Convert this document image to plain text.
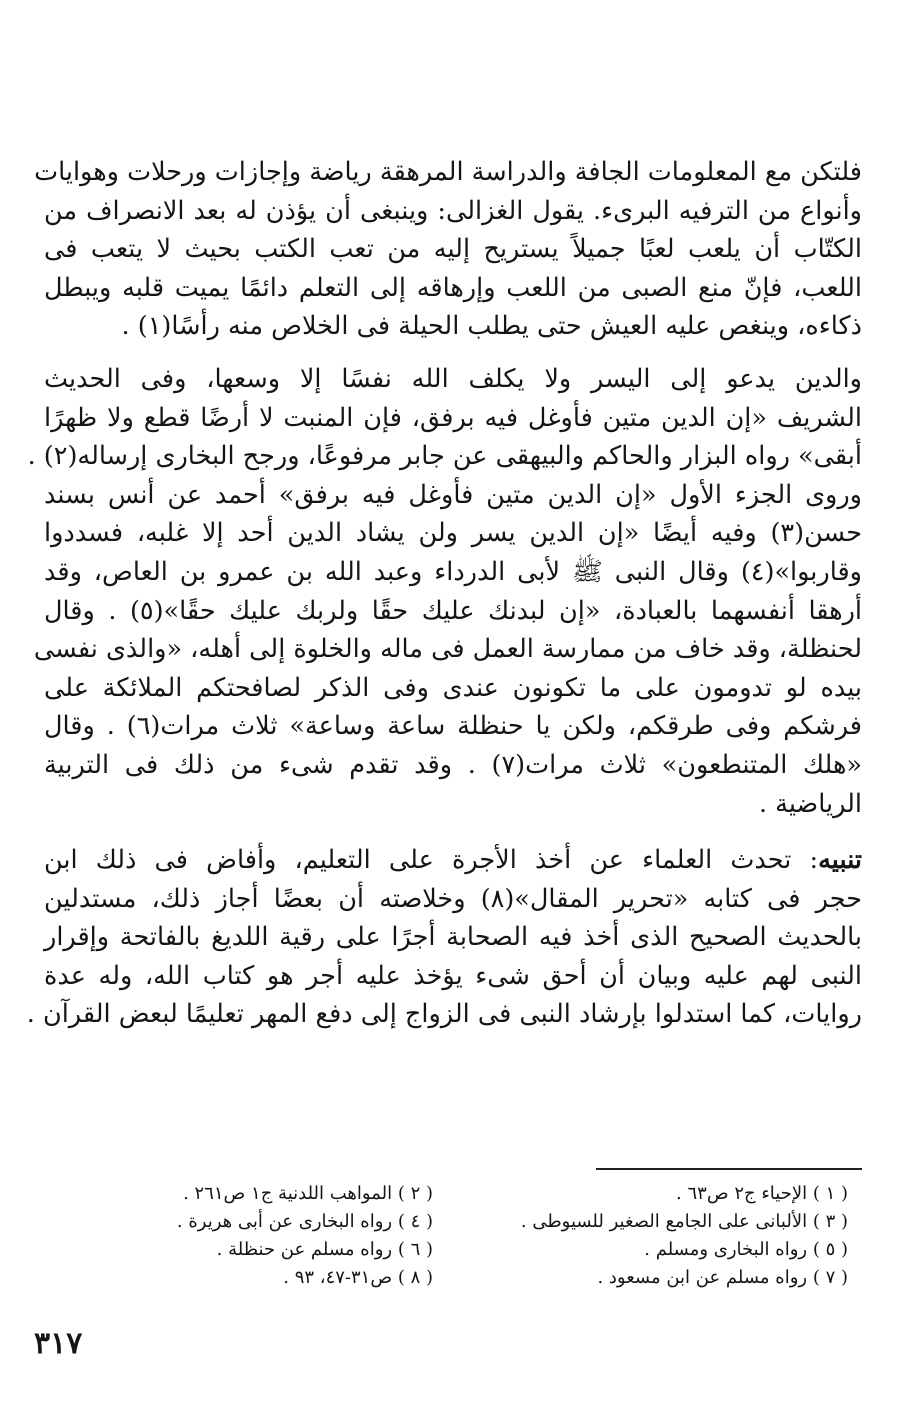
فلتكن مع المعلومات الجافة والدراسة المرهقة رياضة وإجازات ورحلات وهوايات
وأنواع من الترفيه البرىء. يقول الغزالى: وينبغى أن يؤذن له بعد الانصراف من
الكتّاب أن يلعب لعبًا جميلاً يستريح إليه من تعب الكتب بحيث لا يتعب فى
اللعب، فإنّ منع الصبى من اللعب وإرهاقه إلى التعلم دائمًا يميت قلبه ويبطل
ذكاءه، وينغص عليه العيش حتى يطلب الحيلة فى الخلاص منه رأسًا(١) .

والدين يدعو إلى اليسر ولا يكلف الله نفسًا إلا وسعها، وفى الحديث
الشريف «إن الدين متين فأوغل فيه برفق، فإن المنبت لا أرضًا قطع ولا ظهرًا
أبقى» رواه البزار والحاكم والبيهقى عن جابر مرفوعًا، ورجح البخارى إرساله(٢) .
وروى الجزء الأول «إن الدين متين فأوغل فيه برفق» أحمد عن أنس بسند
حسن(٣) وفيه أيضًا «إن الدين يسر ولن يشاد الدين أحد إلا غلبه، فسددوا
وقاربوا»(٤) وقال النبى ﷺ لأبى الدرداء وعبد الله بن عمرو بن العاص، وقد
أرهقا أنفسهما بالعبادة، «إن لبدنك عليك حقًا ولربك عليك حقًا»(٥) . وقال
لحنظلة، وقد خاف من ممارسة العمل فى ماله والخلوة إلى أهله، «والذى نفسى
بيده لو تدومون على ما تكونون عندى وفى الذكر لصافحتكم الملائكة على
فرشكم وفى طرقكم، ولكن يا حنظلة ساعة وساعة» ثلاث مرات(٦) . وقال
«هلك المتنطعون» ثلاث مرات(٧) . وقد تقدم شىء من ذلك فى التربية
الرياضية .

تنبيه: تحدث العلماء عن أخذ الأجرة على التعليم، وأفاض فى ذلك ابن
حجر فى كتابه «تحرير المقال»(٨) وخلاصته أن بعضًا أجاز ذلك، مستدلين
بالحديث الصحيح الذى أخذ فيه الصحابة أجرًا على رقية اللديغ بالفاتحة وإقرار
النبى لهم عليه وبيان أن أحق شىء يؤخذ عليه أجر هو كتاب الله، وله عدة
روايات، كما استدلوا بإرشاد النبى فى الزواج إلى دفع المهر تعليمًا لبعض القرآن .

( ١ ) الإحياء ج٢ ص٦٣ .
( ٢ ) المواهب اللدنية ج١ ص٢٦١ .
( ٣ ) الألبانى على الجامع الصغير للسيوطى .
( ٤ ) رواه البخارى عن أبى هريرة .
( ٥ ) رواه البخارى ومسلم .
( ٦ ) رواه مسلم عن حنظلة .
( ٧ ) رواه مسلم عن ابن مسعود .
( ٨ ) ص٣١-٤٧، ٩٣ .
٣١٧
